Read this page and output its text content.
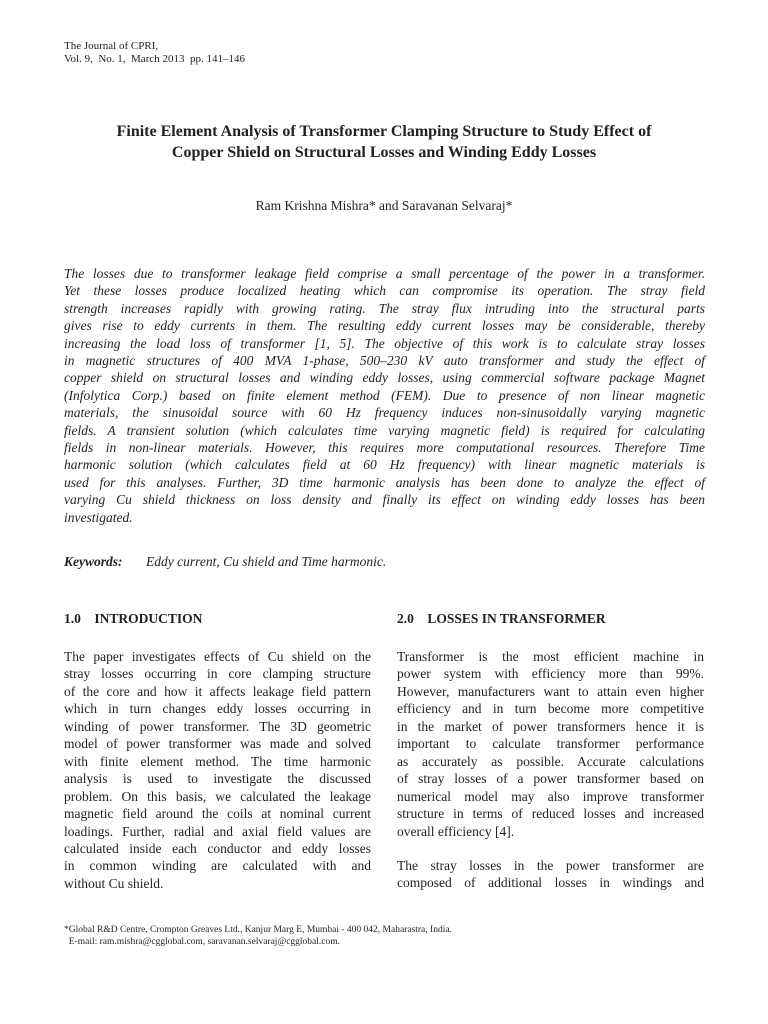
The Journal of CPRI,
Vol. 9,  No. 1,  March 2013  pp. 141–146
Finite Element Analysis of Transformer Clamping Structure to Study Effect of
Copper Shield on Structural Losses and Winding Eddy Losses
Ram Krishna Mishra* and Saravanan Selvaraj*
The losses due to transformer leakage field comprise a small percentage of the power in a transformer.
Yet these losses produce localized heating which can compromise its operation. The stray field
strength increases rapidly with growing rating. The stray flux intruding into the structural parts
gives rise to eddy currents in them. The resulting eddy current losses may be considerable, thereby
increasing the load loss of transformer [1, 5]. The objective of this work is to calculate stray losses
in magnetic structures of 400 MVA 1-phase, 500–230 kV auto transformer and study the effect of
copper shield on structural losses and winding eddy losses, using commercial software package Magnet
(Infolytica Corp.) based on finite element method (FEM). Due to presence of non linear magnetic
materials, the sinusoidal source with 60 Hz frequency induces non-sinusoidally varying magnetic
fields. A transient solution (which calculates time varying magnetic field) is required for calculating
fields in non-linear materials. However, this requires more computational resources. Therefore Time
harmonic solution (which calculates field at 60 Hz frequency) with linear magnetic materials is
used for this analyses. Further, 3D time harmonic analysis has been done to analyze the effect of
varying Cu shield thickness on loss density and finally its effect on winding eddy losses has been
investigated.
Keywords: Eddy current, Cu shield and Time harmonic.
1.0    INTRODUCTION	2.0    LOSSES IN TRANSFORMER
The paper investigates effects of Cu shield on the
stray losses occurring in core clamping structure
of the core and how it affects leakage field pattern
which in turn changes eddy losses occurring in
winding of power transformer. The 3D geometric
model of power transformer was made and solved
with finite element method. The time harmonic
analysis is used to investigate the discussed
problem. On this basis, we calculated the leakage
magnetic field around the coils at nominal current
loadings. Further, radial and axial field values are
calculated inside each conductor and eddy losses
in common winding are calculated with and
without Cu shield.
Transformer is the most efficient machine in
power system with efficiency more than 99%.
However, manufacturers want to attain even higher
efficiency and in turn become more competitive
in the market of power transformers hence it is
important to calculate transformer performance
as accurately as possible. Accurate calculations
of stray losses of a power transformer based on
numerical model may also improve transformer
structure in terms of reduced losses and increased
overall efficiency [4].
The stray losses in the power transformer are
composed of additional losses in windings and
*Global R&D Centre, Crompton Greaves Ltd., Kanjur Marg E, Mumbai - 400 042, Maharastra, India.
E-mail: ram.mishra@cgglobal.com, saravanan.selvaraj@cgglobal.com.
